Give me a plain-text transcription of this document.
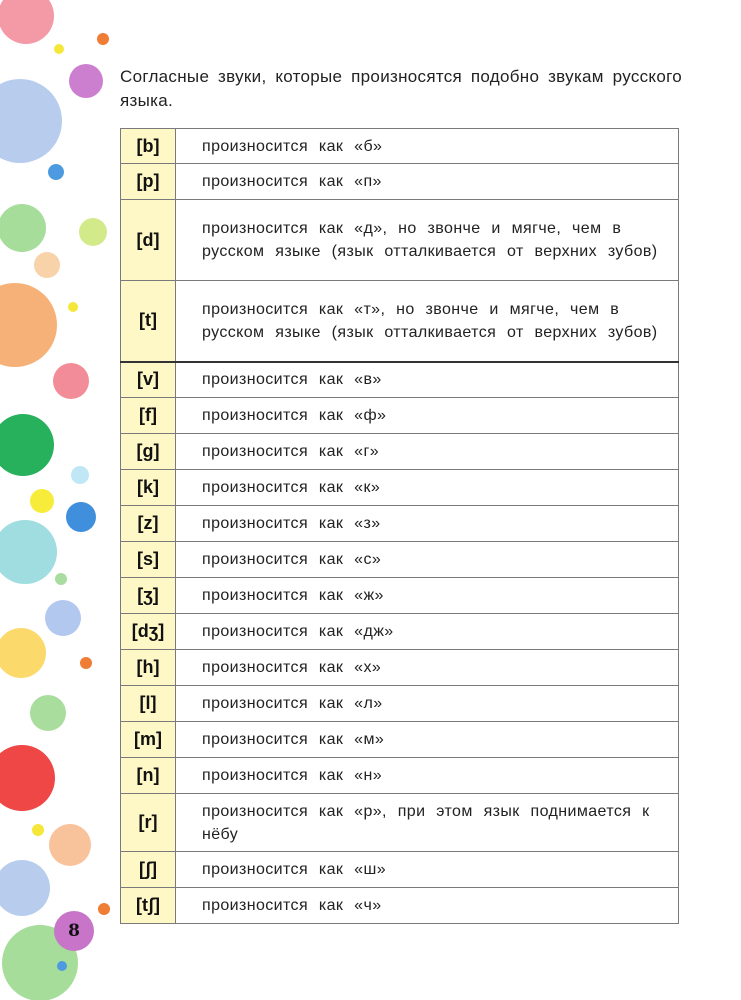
Согласные звуки, которые произносятся подобно звукам русского языка.

[b]	произносится как «б»
[p]	произносится как «п»
[d]	произносится как «д», но звонче и мягче, чем в русском языке (язык отталкивается от верхних зубов)
[t]	произносится как «т», но звонче и мягче, чем в русском языке (язык отталкивается от верхних зубов)
[v]	произносится как «в»
[f]	произносится как «ф»
[g]	произносится как «г»
[k]	произносится как «к»
[z]	произносится как «з»
[s]	произносится как «с»
[ʒ]	произносится как «ж»
[dʒ]	произносится как «дж»
[h]	произносится как «х»
[l]	произносится как «л»
[m]	произносится как «м»
[n]	произносится как «н»
[r]	произносится как «р», при этом язык поднимается к нёбу
[ʃ]	произносится как «ш»
[tʃ]	произносится как «ч»
8
